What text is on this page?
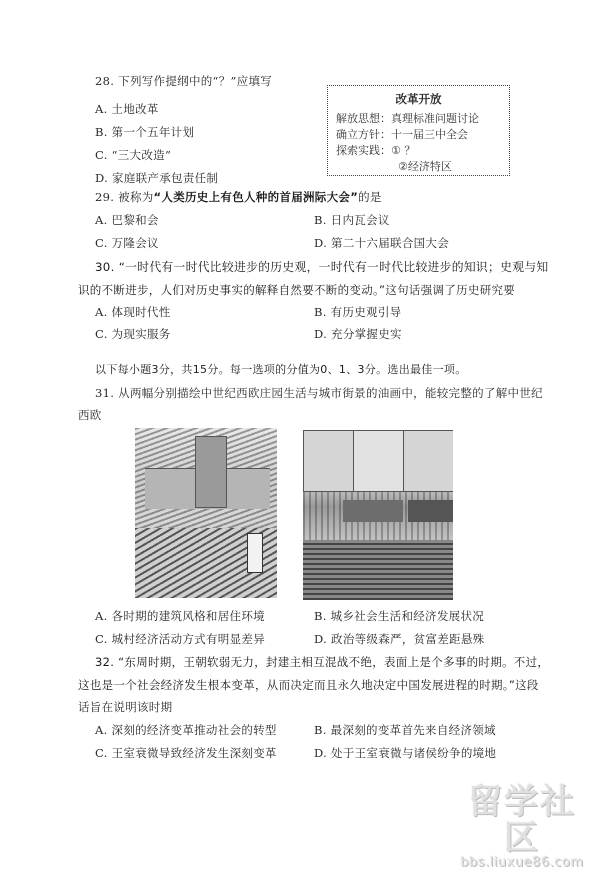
28. 下列写作提纲中的“？”应填写
A. 土地改革
B. 第一个五年计划
C. “三大改造”
D. 家庭联产承包责任制
改革开放
解放思想：真理标准问题讨论
确立方针：十一届三中全会
探索实践：① ？
②经济特区
29. 被称为“人类历史上有色人种的首届洲际大会”的是
A. 巴黎和会	B. 日内瓦会议
C. 万隆会议	D. 第二十六届联合国大会
30. “一时代有一时代比较进步的历史观，一时代有一时代比较进步的知识；史观与知
识的不断进步，人们对历史事实的解释自然要不断的变动。”这句话强调了历史研究要
A. 体现时代性	B. 有历史观引导
C. 为现实服务	D. 充分掌握史实
以下每小题3分，共15分。每一选项的分值为0、1、3分。选出最佳一项。
31. 从两幅分别描绘中世纪西欧庄园生活与城市街景的油画中，能较完整的了解中世纪
西欧
A. 各时期的建筑风格和居住环境	B. 城乡社会生活和经济发展状况
C. 城村经济活动方式有明显差异	D. 政治等级森严，贫富差距悬殊
32. “东周时期，王朝软弱无力，封建主相互混战不绝，表面上是个多事的时期。不过，
这也是一个社会经济发生根本变革，从而决定而且永久地决定中国发展进程的时期。”这段
话旨在说明该时期
A. 深刻的经济变革推动社会的转型	B. 最深刻的变革首先来自经济领域
C. 王室衰微导致经济发生深刻变革	D. 处于王室衰微与诸侯纷争的境地
留学社区
bbs.liuxue86.com
